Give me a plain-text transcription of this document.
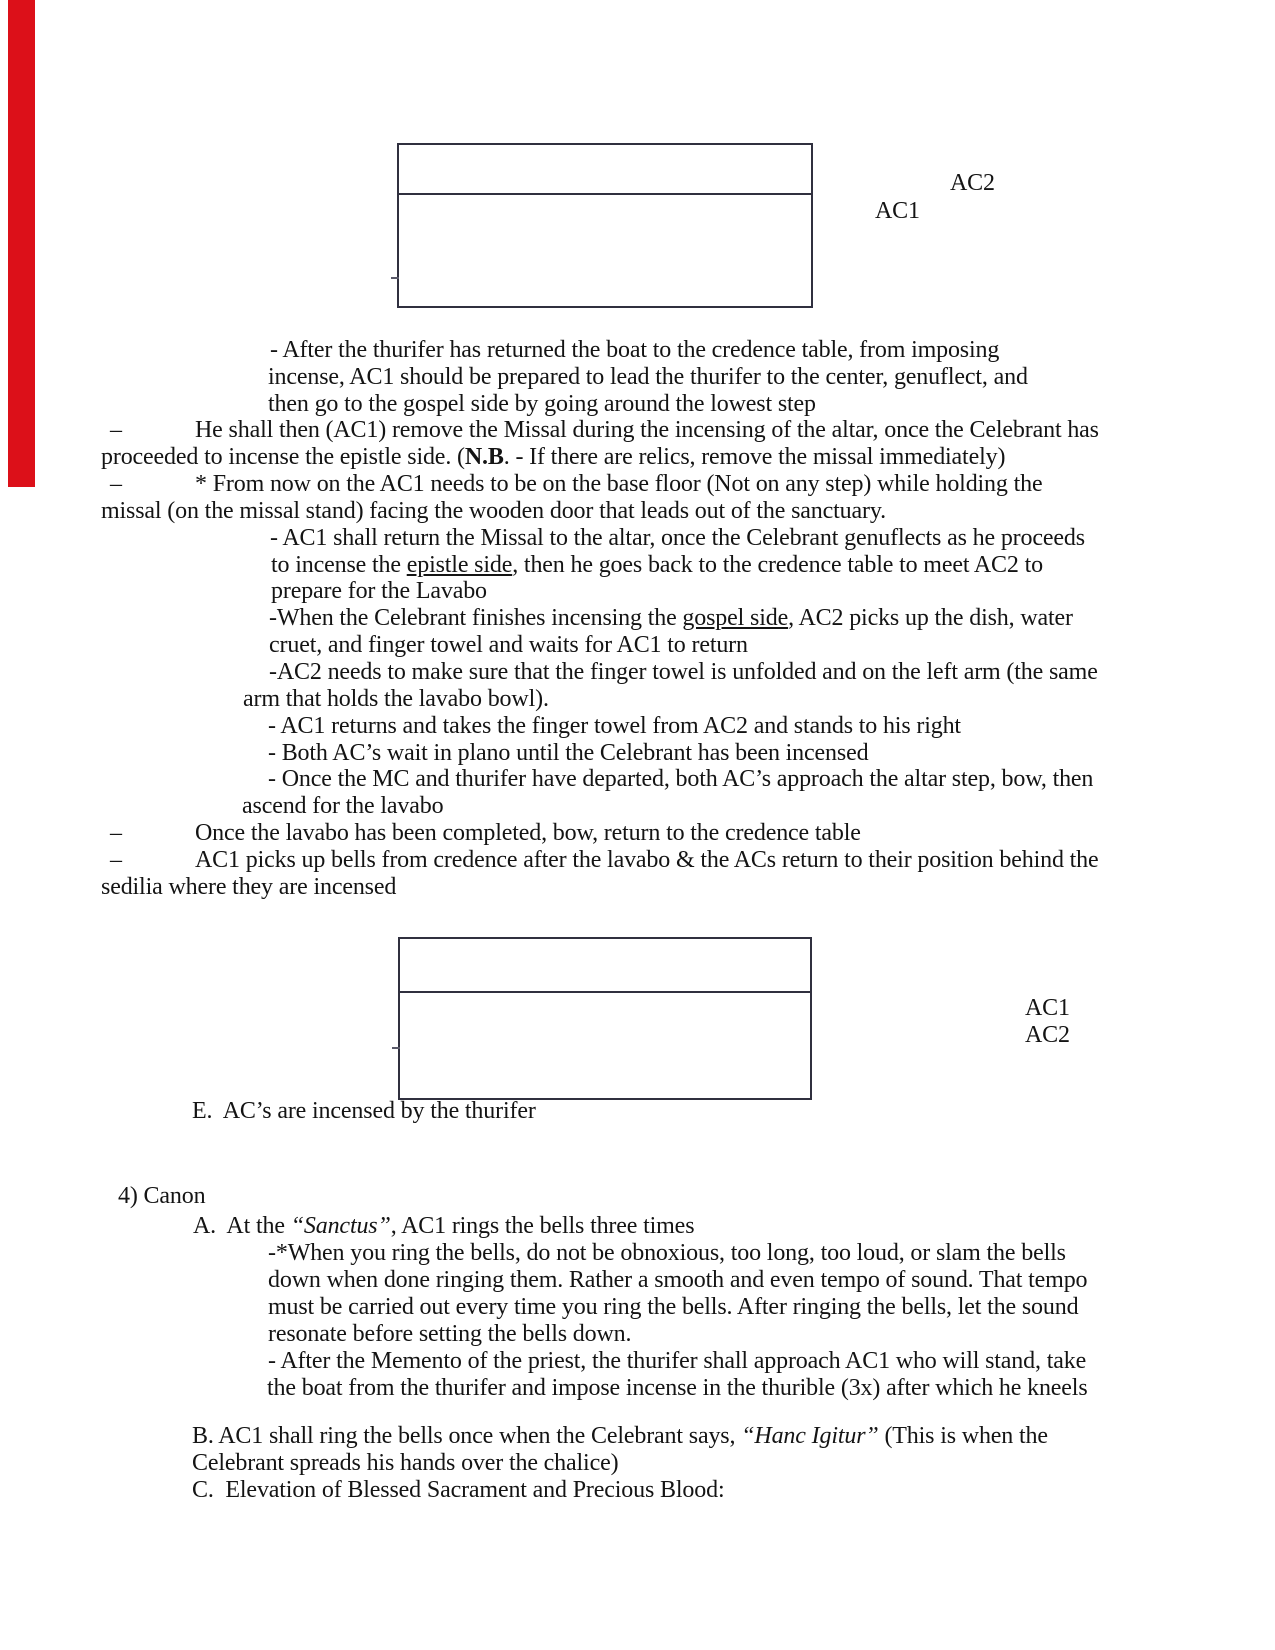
AC2
AC1
- After the thurifer has returned the boat to the credence table, from imposing
incense, AC1 should be prepared to lead the thurifer to the center, genuflect, and
then go to the gospel side by going around the lowest step
–	He shall then (AC1) remove the Missal during the incensing of the altar, once the Celebrant has
proceeded to incense the epistle side. (N.B. - If there are relics, remove the missal immediately)
–	* From now on the AC1 needs to be on the base floor (Not on any step) while holding the
missal (on the missal stand) facing the wooden door that leads out of the sanctuary.
- AC1 shall return the Missal to the altar, once the Celebrant genuflects as he proceeds
to incense the epistle side, then he goes back to the credence table to meet AC2 to
prepare for the Lavabo
-When the Celebrant finishes incensing the gospel side, AC2 picks up the dish, water
cruet, and finger towel and waits for AC1 to return
-AC2 needs to make sure that the finger towel is unfolded and on the left arm (the same
arm that holds the lavabo bowl).
- AC1 returns and takes the finger towel from AC2 and stands to his right
- Both AC’s wait in plano until the Celebrant has been incensed
- Once the MC and thurifer have departed, both AC’s approach the altar step, bow, then
ascend for the lavabo
–	Once the lavabo has been completed, bow, return to the credence table
–	AC1 picks up bells from credence after the lavabo & the ACs return to their position behind the
sedilia where they are incensed
AC1
AC2
E.  AC’s are incensed by the thurifer
4) Canon
A.  At the “Sanctus”, AC1 rings the bells three times
-*When you ring the bells, do not be obnoxious, too long, too loud, or slam the bells
down when done ringing them. Rather a smooth and even tempo of sound. That tempo
must be carried out every time you ring the bells. After ringing the bells, let the sound
resonate before setting the bells down.
- After the Memento of the priest, the thurifer shall approach AC1 who will stand, take
the boat from the thurifer and impose incense in the thurible (3x) after which he kneels
B. AC1 shall ring the bells once when the Celebrant says, “Hanc Igitur” (This is when the
Celebrant spreads his hands over the chalice)
C.  Elevation of Blessed Sacrament and Precious Blood:
